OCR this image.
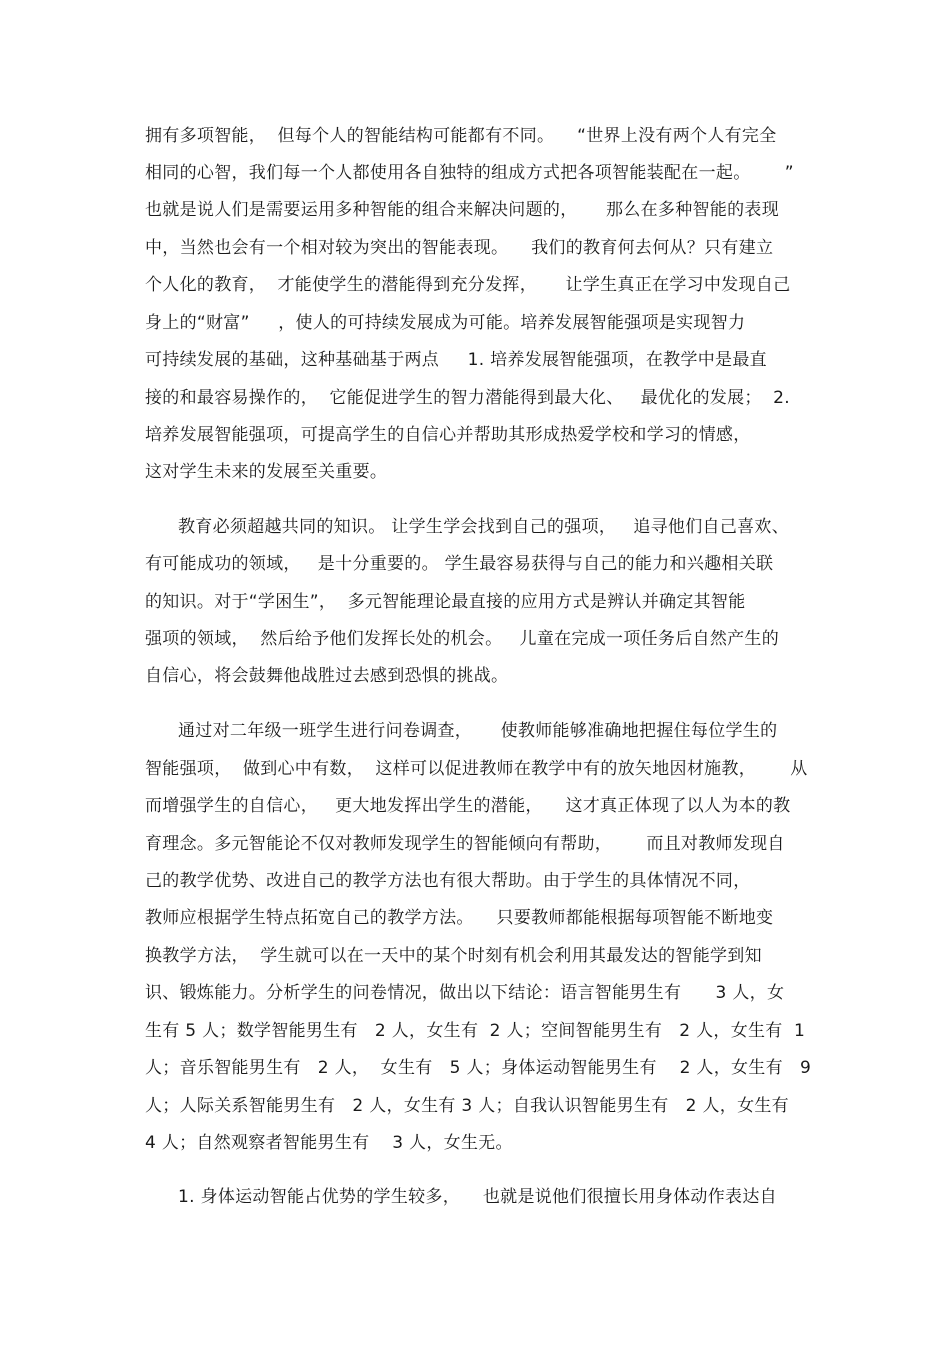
拥有多项智能，  但每个人的智能结构可能都有不同。    “世界上没有两个人有完全
相同的心智，我们每一个人都使用各自独特的组成方式把各项智能装配在一起。      ”
也就是说人们是需要运用多种智能的组合来解决问题的，     那么在多种智能的表现
中，当然也会有一个相对较为突出的智能表现。    我们的教育何去何从？只有建立
个人化的教育，  才能使学生的潜能得到充分发挥，     让学生真正在学习中发现自己
身上的“财富”     ，使人的可持续发展成为可能。培养发展智能强项是实现智力
可持续发展的基础，这种基础基于两点     1. 培养发展智能强项，在教学中是最直
接的和最容易操作的，  它能促进学生的智力潜能得到最大化、   最优化的发展；  2.
培养发展智能强项，可提高学生的自信心并帮助其形成热爱学校和学习的情感，
这对学生未来的发展至关重要。
教育必须超越共同的知识。 让学生学会找到自己的强项，   追寻他们自己喜欢、
有可能成功的领域，   是十分重要的。 学生最容易获得与自己的能力和兴趣相关联
的知识。对于“学困生”，  多元智能理论最直接的应用方式是辨认并确定其智能
强项的领域，  然后给予他们发挥长处的机会。   儿童在完成一项任务后自然产生的
自信心，将会鼓舞他战胜过去感到恐惧的挑战。
通过对二年级一班学生进行问卷调查，     使教师能够准确地把握住每位学生的
智能强项，  做到心中有数，  这样可以促进教师在教学中有的放矢地因材施教，      从
而增强学生的自信心，   更大地发挥出学生的潜能，    这才真正体现了以人为本的教
育理念。多元智能论不仅对教师发现学生的智能倾向有帮助，      而且对教师发现自
己的教学优势、改进自己的教学方法也有很大帮助。由于学生的具体情况不同，
教师应根据学生特点拓宽自己的教学方法。    只要教师都能根据每项智能不断地变
换教学方法，  学生就可以在一天中的某个时刻有机会利用其最发达的智能学到知
识、锻炼能力。分析学生的问卷情况，做出以下结论：语言智能男生有      3 人，女
生有 5 人；数学智能男生有   2 人，女生有  2 人；空间智能男生有   2 人，女生有  1
人；音乐智能男生有   2 人，  女生有   5 人；身体运动智能男生有    2 人，女生有   9
人；人际关系智能男生有   2 人，女生有 3 人；自我认识智能男生有   2 人，女生有
4 人；自然观察者智能男生有    3 人，女生无。
1. 身体运动智能占优势的学生较多，    也就是说他们很擅长用身体动作表达自
